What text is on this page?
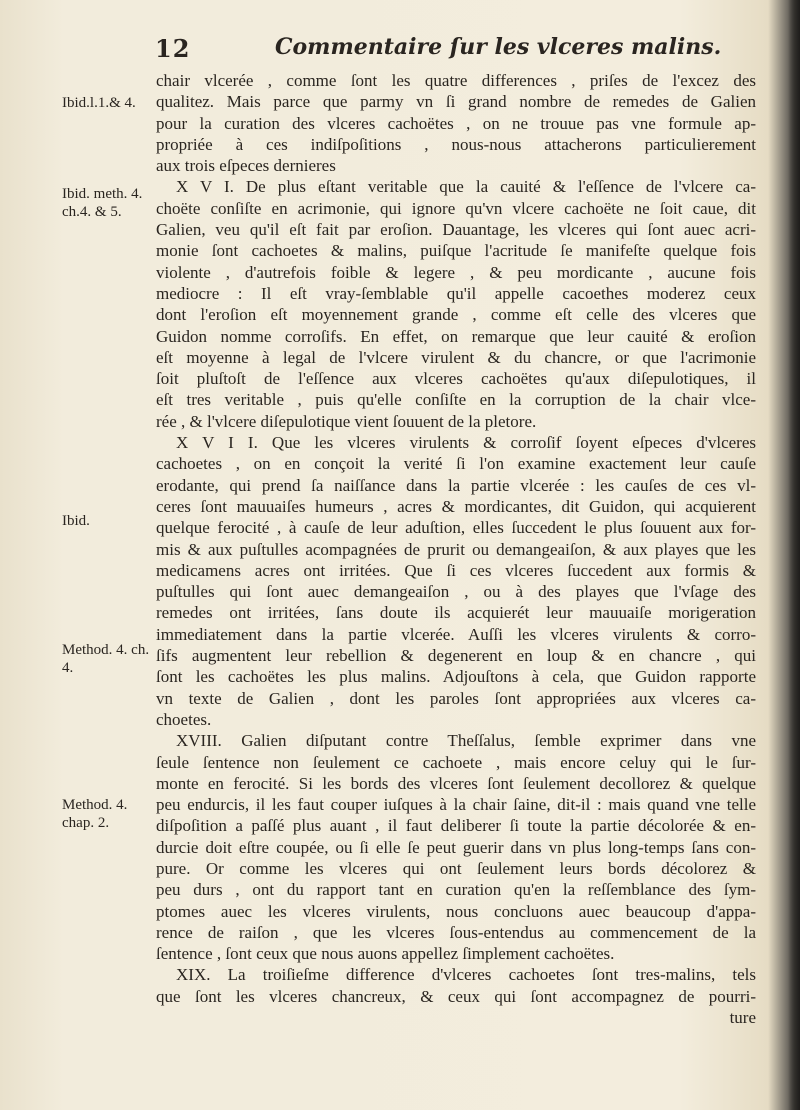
12	Commentaire ſur les vlceres malins.
Ibid.l.1.& 4.
Ibid. meth. 4. ch.4. & 5.
Ibid.
Method. 4. ch. 4.
Method. 4. chap. 2.
chair vlcerée , comme ſont les quatre differences , priſes de l'excez des
qualitez. Mais parce que parmy vn ſi grand nombre de remedes de Galien
pour la curation des vlceres cachoëtes , on ne trouue pas vne formule ap-
propriée à ces indiſpoſitions , nous-nous attacherons particulierement
aux trois eſpeces dernieres
X V I. De plus eſtant veritable que la cauité & l'eſſence de l'vlcere ca-
choëte conſiſte en acrimonie, qui ignore qu'vn vlcere cachoëte ne ſoit caue, dit
Galien, veu qu'il eſt fait par eroſion. Dauantage, les vlceres qui ſont auec acri-
monie ſont cachoetes & malins, puiſque l'acritude ſe manifeſte quelque fois
violente , d'autrefois foible & legere , & peu mordicante , aucune fois
mediocre : Il eſt vray-ſemblable qu'il appelle cacoethes moderez ceux
dont l'eroſion eſt moyennement grande , comme eſt celle des vlceres que
Guidon nomme corroſifs. En effet, on remarque que leur cauité & eroſion
eſt moyenne à legal de l'vlcere virulent & du chancre, or que l'acrimonie
ſoit pluſtoſt de l'eſſence aux vlceres cachoëtes qu'aux diſepulotiques, il
eſt tres veritable , puis qu'elle conſiſte en la corruption de la chair vlce-
rée , & l'vlcere diſepulotique vient ſouuent de la pletore.
X V I I. Que les vlceres virulents & corroſif ſoyent eſpeces d'vlceres
cachoetes , on en conçoit la verité ſi l'on examine exactement leur cauſe
erodante, qui prend ſa naiſſance dans la partie vlcerée : les cauſes de ces vl-
ceres ſont mauuaiſes humeurs , acres & mordicantes, dit Guidon, qui acquierent
quelque ferocité , à cauſe de leur aduſtion, elles ſuccedent le plus ſouuent aux for-
mis & aux puſtulles acompagnées de prurit ou demangeaiſon, & aux playes que les
medicamens acres ont irritées. Que ſi ces vlceres ſuccedent aux formis &
puſtulles qui ſont auec demangeaiſon , ou à des playes que l'vſage des
remedes ont irritées, ſans doute ils acquierét leur mauuaiſe morigeration
immediatement dans la partie vlcerée. Auſſi les vlceres virulents & corro-
ſifs augmentent leur rebellion & degenerent en loup & en chancre , qui
ſont les cachoëtes les plus malins. Adjouſtons à cela, que Guidon rapporte
vn texte de Galien , dont les paroles ſont appropriées aux vlceres ca-
choetes.
XVIII. Galien diſputant contre Theſſalus, ſemble exprimer dans vne
ſeule ſentence non ſeulement ce cachoete , mais encore celuy qui le ſur-
monte en ferocité. Si les bords des vlceres ſont ſeulement decollorez & quelque
peu endurcis, il les faut couper iuſques à la chair ſaine, dit-il : mais quand vne telle
diſpoſition a paſſé plus auant , il faut deliberer ſi toute la partie décolorée & en-
durcie doit eſtre coupée, ou ſi elle ſe peut guerir dans vn plus long-temps ſans con-
pure. Or comme les vlceres qui ont ſeulement leurs bords décolorez &
peu durs , ont du rapport tant en curation qu'en la reſſemblance des ſym-
ptomes auec les vlceres virulents, nous concluons auec beaucoup d'appa-
rence de raiſon , que les vlceres ſous-entendus au commencement de la
ſentence , ſont ceux que nous auons appellez ſimplement cachoëtes.
XIX. La troiſieſme difference d'vlceres cachoetes ſont tres-malins, tels
que ſont les vlceres chancreux, & ceux qui ſont accompagnez de pourri-
ture
